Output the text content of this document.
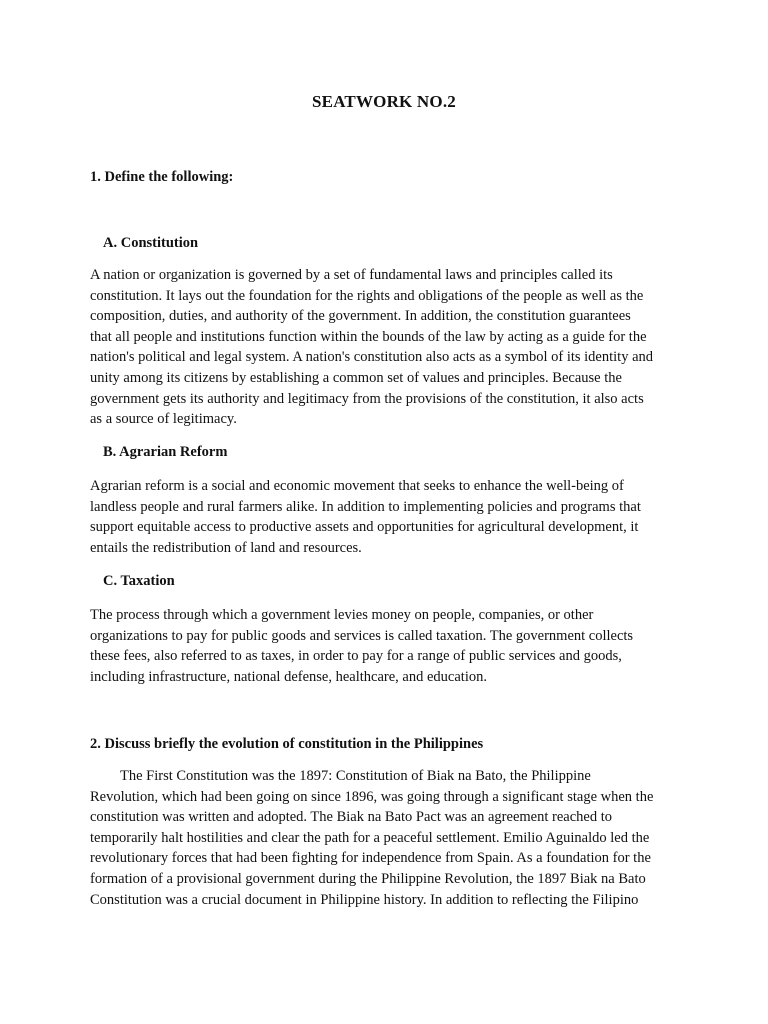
SEATWORK NO.2
1. Define the following:
A. Constitution
A nation or organization is governed by a set of fundamental laws and principles called its
constitution. It lays out the foundation for the rights and obligations of the people as well as the
composition, duties, and authority of the government. In addition, the constitution guarantees
that all people and institutions function within the bounds of the law by acting as a guide for the
nation's political and legal system. A nation's constitution also acts as a symbol of its identity and
unity among its citizens by establishing a common set of values and principles. Because the
government gets its authority and legitimacy from the provisions of the constitution, it also acts
as a source of legitimacy.
B. Agrarian Reform
Agrarian reform is a social and economic movement that seeks to enhance the well-being of
landless people and rural farmers alike. In addition to implementing policies and programs that
support equitable access to productive assets and opportunities for agricultural development, it
entails the redistribution of land and resources.
C. Taxation
The process through which a government levies money on people, companies, or other
organizations to pay for public goods and services is called taxation. The government collects
these fees, also referred to as taxes, in order to pay for a range of public services and goods,
including infrastructure, national defense, healthcare, and education.
2. Discuss briefly the evolution of constitution in the Philippines
The First Constitution was the 1897: Constitution of Biak na Bato, the Philippine
Revolution, which had been going on since 1896, was going through a significant stage when the
constitution was written and adopted. The Biak na Bato Pact was an agreement reached to
temporarily halt hostilities and clear the path for a peaceful settlement. Emilio Aguinaldo led the
revolutionary forces that had been fighting for independence from Spain. As a foundation for the
formation of a provisional government during the Philippine Revolution, the 1897 Biak na Bato
Constitution was a crucial document in Philippine history. In addition to reflecting the Filipino
